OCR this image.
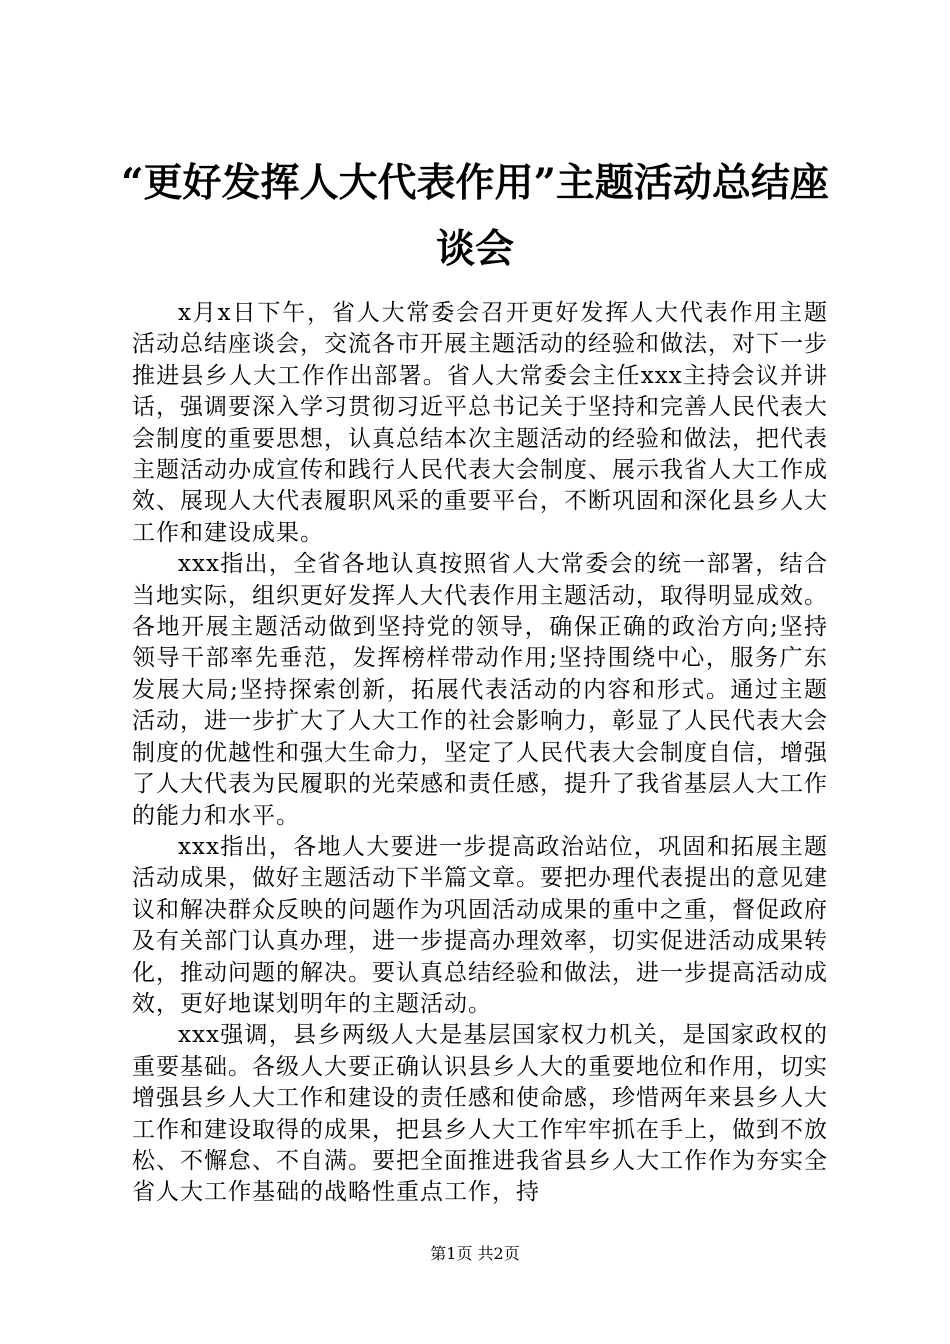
“更好发挥人大代表作用”主题活动总结座谈会

x月x日下午，省人大常委会召开更好发挥人大代表作用主题活动总结座谈会，交流各市开展主题活动的经验和做法，对下一步推进县乡人大工作作出部署。省人大常委会主任xxx主持会议并讲话，强调要深入学习贯彻习近平总书记关于坚持和完善人民代表大会制度的重要思想，认真总结本次主题活动的经验和做法，把代表主题活动办成宣传和践行人民代表大会制度、展示我省人大工作成效、展现人大代表履职风采的重要平台，不断巩固和深化县乡人大工作和建设成果。

xxx指出，全省各地认真按照省人大常委会的统一部署，结合当地实际，组织更好发挥人大代表作用主题活动，取得明显成效。各地开展主题活动做到坚持党的领导，确保正确的政治方向;坚持领导干部率先垂范，发挥榜样带动作用;坚持围绕中心，服务广东发展大局;坚持探索创新，拓展代表活动的内容和形式。通过主题活动，进一步扩大了人大工作的社会影响力，彰显了人民代表大会制度的优越性和强大生命力，坚定了人民代表大会制度自信，增强了人大代表为民履职的光荣感和责任感，提升了我省基层人大工作的能力和水平。

xxx指出，各地人大要进一步提高政治站位，巩固和拓展主题活动成果，做好主题活动下半篇文章。要把办理代表提出的意见建议和解决群众反映的问题作为巩固活动成果的重中之重，督促政府及有关部门认真办理，进一步提高办理效率，切实促进活动成果转化，推动问题的解决。要认真总结经验和做法，进一步提高活动成效，更好地谋划明年的主题活动。

xxx强调，县乡两级人大是基层国家权力机关，是国家政权的重要基础。各级人大要正确认识县乡人大的重要地位和作用，切实增强县乡人大工作和建设的责任感和使命感，珍惜两年来县乡人大工作和建设取得的成果，把县乡人大工作牢牢抓在手上，做到不放松、不懈怠、不自满。要把全面推进我省县乡人大工作作为夯实全省人大工作基础的战略性重点工作，持

第1页 共2页
